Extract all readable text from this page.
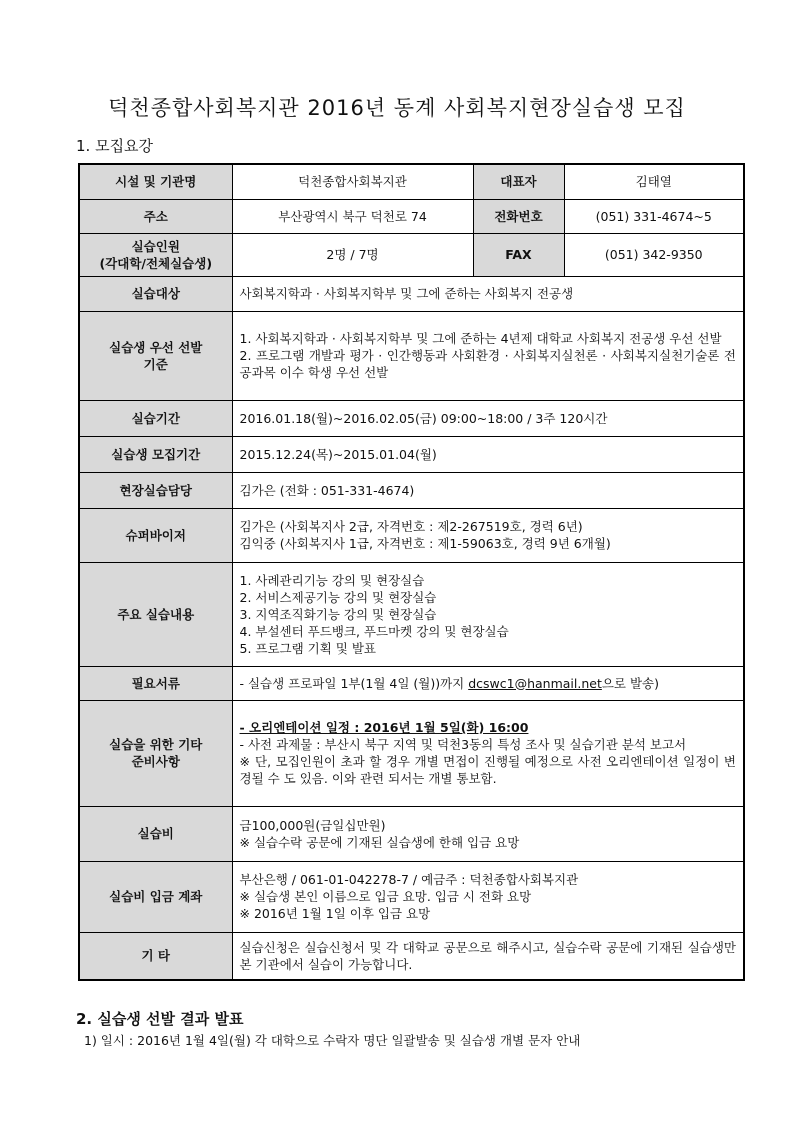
덕천종합사회복지관 2016년 동계 사회복지현장실습생 모집
1. 모집요강
시설 및 기관명	덕천종합사회복지관	대표자	김태열
주소	부산광역시 북구 덕천로 74	전화번호	(051) 331-4674~5

실습인원
(각대학/전체실습생)	2명 / 7명	FAX	(051) 342-9350
실습대상	사회복지학과 · 사회복지학부 및 그에 준하는 사회복지 전공생		

실습생 우선 선발
기준	1. 사회복지학과 · 사회복지학부 및 그에 준하는 4년제 대학교 사회복지 전공생 우선 선발
2. 프로그램 개발과 평가 · 인간행동과 사회환경 · 사회복지실천론 · 사회복지실천기술론 전공과목 이수 학생 우선 선발		

실습기간	2016.01.18(월)~2016.02.05(금) 09:00~18:00 / 3주 120시간		
실습생 모집기간	2015.12.24(목)~2015.01.04(월)		
현장실습담당	김가은 (전화 : 051-331-4674)		
슈퍼바이저	김가은 (사회복지사 2급, 자격번호 : 제2-267519호, 경력 6년)
김익중 (사회복지사 1급, 자격번호 : 제1-59063호, 경력 9년 6개월)		

주요 실습내용	1. 사례관리기능 강의 및 현장실습
2. 서비스제공기능 강의 및 현장실습
3. 지역조직화기능 강의 및 현장실습
4. 부설센터 푸드뱅크, 푸드마켓 강의 및 현장실습
5. 프로그램 기획 및 발표		

필요서류	- 실습생 프로파일 1부(1월 4일 (월))까지 dcswc1@hanmail.net으로 발송)		

실습을 위한 기타
준비사항	- 오리엔테이션 일정 : 2016년 1월 5일(화) 16:00
- 사전 과제물 : 부산시 북구 지역 및 덕천3동의 특성 조사 및 실습기관 분석 보고서
※ 단, 모집인원이 초과 할 경우 개별 면접이 진행될 예정으로 사전 오리엔테이션 일정이 변경될 수 도 있음. 이와 관련 되서는 개별 통보함.		

실습비	금100,000원(금일십만원)
※ 실습수락 공문에 기재된 실습생에 한해 입금 요망		

실습비 입금 계좌	부산은행 / 061-01-042278-7 / 예금주 : 덕천종합사회복지관
※ 실습생 본인 이름으로 입금 요망. 입금 시 전화 요망
※ 2016년 1월 1일 이후 입금 요망		

기 타	실습신청은 실습신청서 및 각 대학교 공문으로 해주시고, 실습수락 공문에 기재된 실습생만 본 기관에서 실습이 가능합니다.		
2. 실습생 선발 결과 발표
1) 일시 : 2016년 1월 4일(월) 각 대학으로 수락자 명단 일괄발송 및 실습생 개별 문자 안내
